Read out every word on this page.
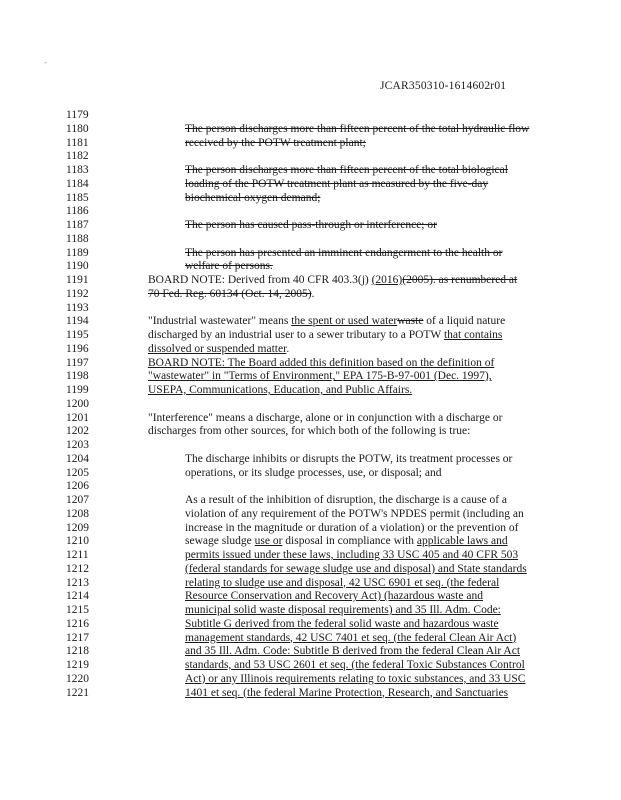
-
JCAR350310-1614602r01
1179
1180	The person discharges more than fifteen percent of the total hydraulic flow
1181	received by the POTW treatment plant;
1182
1183	The person discharges more than fifteen percent of the total biological
1184	loading of the POTW treatment plant as measured by the five-day
1185	biochemical oxygen demand;
1186
1187	The person has caused pass-through or interference; or
1188
1189	The person has presented an imminent endangerment to the health or
1190	welfare of persons.
1191	BOARD NOTE: Derived from 40 CFR 403.3(j) (2016)(2005). as renumbered at
1192	70 Fed. Reg. 60134 (Oct. 14, 2005).
1193
1194	"Industrial wastewater" means the spent or used waterwaste of a liquid nature
1195	discharged by an industrial user to a sewer tributary to a POTW that contains
1196	dissolved or suspended matter.
1197	BOARD NOTE: The Board added this definition based on the definition of
1198	"wastewater" in "Terms of Environment," EPA 175-B-97-001 (Dec. 1997),
1199	USEPA, Communications, Education, and Public Affairs.
1200
1201	"Interference" means a discharge, alone or in conjunction with a discharge or
1202	discharges from other sources, for which both of the following is true:
1203
1204	The discharge inhibits or disrupts the POTW, its treatment processes or
1205	operations, or its sludge processes, use, or disposal; and
1206
1207	As a result of the inhibition of disruption, the discharge is a cause of a
1208	violation of any requirement of the POTW's NPDES permit (including an
1209	increase in the magnitude or duration of a violation) or the prevention of
1210	sewage sludge use or disposal in compliance with applicable laws and
1211	permits issued under these laws, including 33 USC 405 and 40 CFR 503
1212	(federal standards for sewage sludge use and disposal) and State standards
1213	relating to sludge use and disposal, 42 USC 6901 et seq. (the federal
1214	Resource Conservation and Recovery Act) (hazardous waste and
1215	municipal solid waste disposal requirements) and 35 Ill. Adm. Code:
1216	Subtitle G derived from the federal solid waste and hazardous waste
1217	management standards, 42 USC 7401 et seq. (the federal Clean Air Act)
1218	and 35 Ill. Adm. Code: Subtitle B derived from the federal Clean Air Act
1219	standards, and 53 USC 2601 et seq. (the federal Toxic Substances Control
1220	Act) or any Illinois requirements relating to toxic substances, and 33 USC
1221	1401 et seq. (the federal Marine Protection, Research, and Sanctuaries
